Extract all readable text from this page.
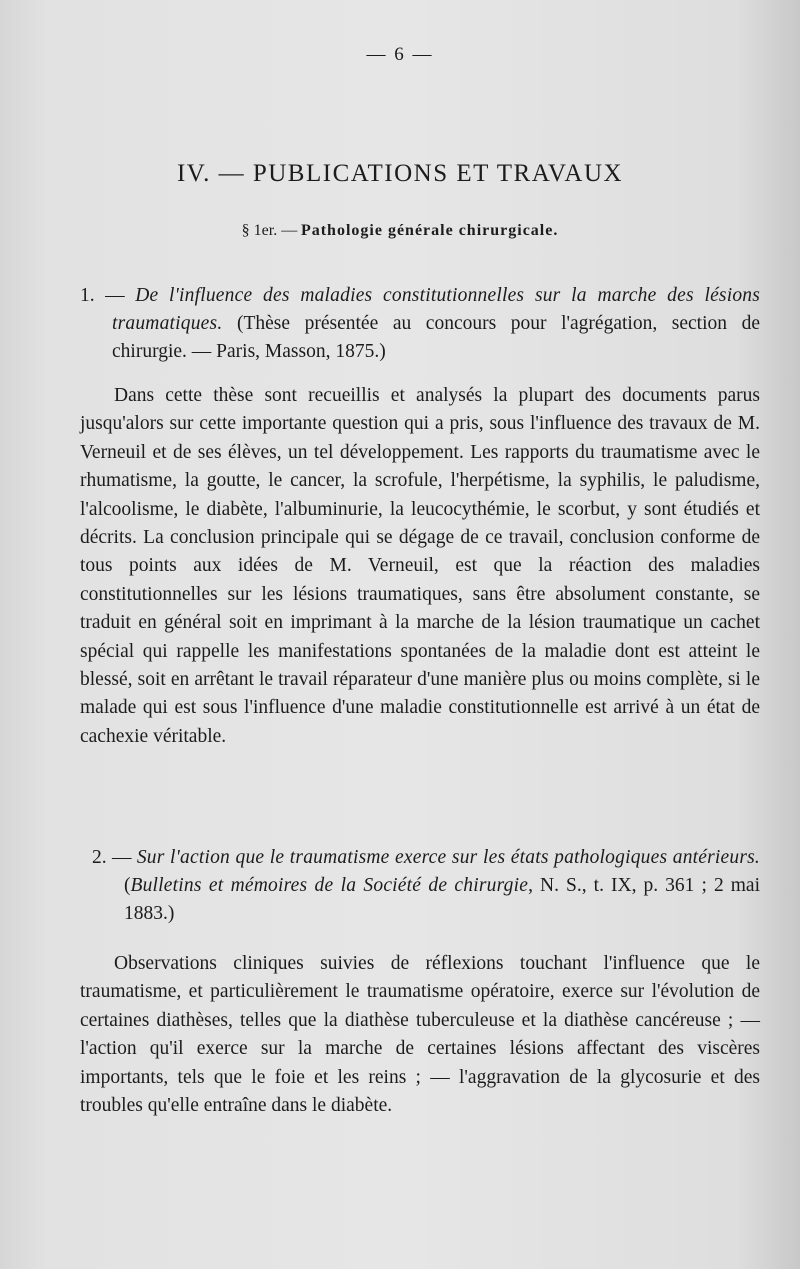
— 6 —
IV. — PUBLICATIONS ET TRAVAUX
§ 1er. — Pathologie générale chirurgicale.

1. — De l'influence des maladies constitutionnelles sur la marche des lésions traumatiques. (Thèse présentée au concours pour l'agrégation, section de chirurgie. — Paris, Masson, 1875.)

Dans cette thèse sont recueillis et analysés la plupart des documents parus jusqu'alors sur cette importante question qui a pris, sous l'influence des travaux de M. Verneuil et de ses élèves, un tel développement. Les rapports du traumatisme avec le rhumatisme, la goutte, le cancer, la scrofule, l'herpétisme, la syphilis, le paludisme, l'alcoolisme, le diabète, l'albuminurie, la leucocythémie, le scorbut, y sont étudiés et décrits. La conclusion principale qui se dégage de ce travail, conclusion conforme de tous points aux idées de M. Verneuil, est que la réaction des maladies constitutionnelles sur les lésions traumatiques, sans être absolument constante, se traduit en général soit en imprimant à la marche de la lésion traumatique un cachet spécial qui rappelle les manifestations spontanées de la maladie dont est atteint le blessé, soit en arrêtant le travail réparateur d'une manière plus ou moins complète, si le malade qui est sous l'influence d'une maladie constitutionnelle est arrivé à un état de cachexie véritable.

2. — Sur l'action que le traumatisme exerce sur les états pathologiques antérieurs. (Bulletins et mémoires de la Société de chirurgie, N. S., t. IX, p. 361 ; 2 mai 1883.)

Observations cliniques suivies de réflexions touchant l'influence que le traumatisme, et particulièrement le traumatisme opératoire, exerce sur l'évolution de certaines diathèses, telles que la diathèse tuberculeuse et la diathèse cancéreuse ; — l'action qu'il exerce sur la marche de certaines lésions affectant des viscères importants, tels que le foie et les reins ; — l'aggravation de la glycosurie et des troubles qu'elle entraîne dans le diabète.
